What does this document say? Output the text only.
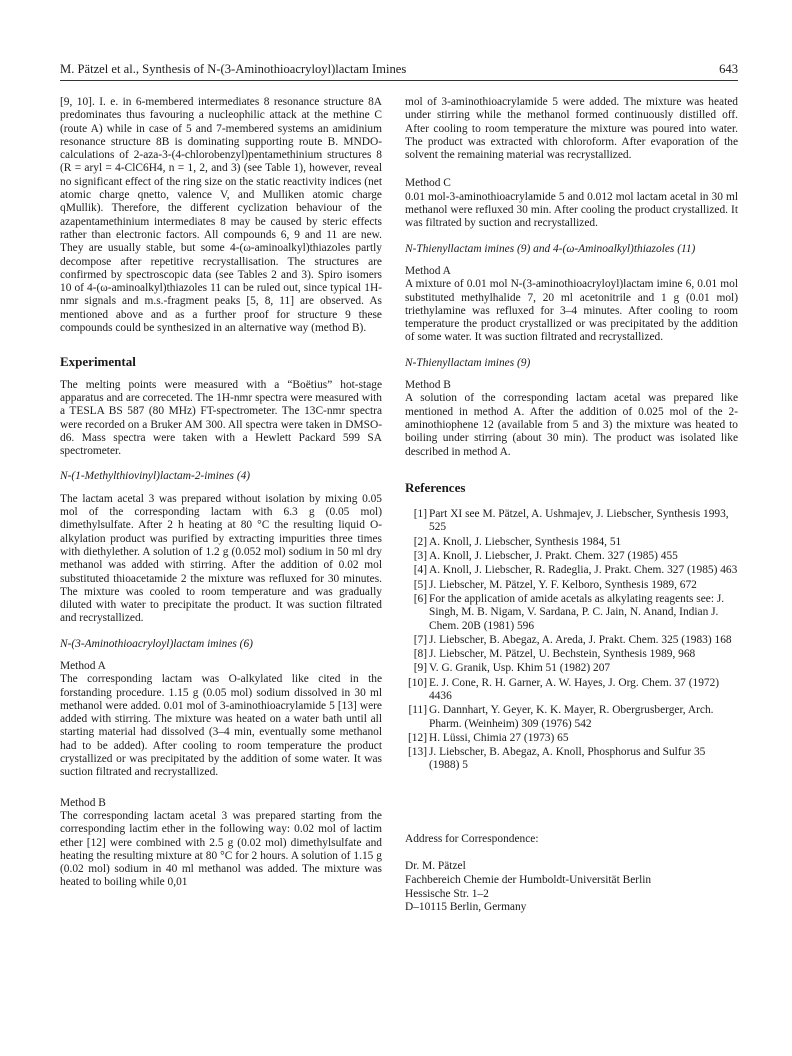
M. Pätzel et al., Synthesis of N-(3-Aminothioacryloyl)lactam Imines	643

[9, 10]. I. e. in 6-membered intermediates 8 resonance structure 8A predominates thus favouring a nucleophilic attack at the methine C (route A) while in case of 5 and 7-membered systems an amidinium resonance structure 8B is dominating supporting route B. MNDO-calculations of 2-aza-3-(4-chlorobenzyl)pentamethinium structures 8 (R = aryl = 4-ClC6H4, n = 1, 2, and 3) (see Table 1), however, reveal no significant effect of the ring size on the static reactivity indices (net atomic charge qnetto, valence V, and Mulliken atomic charge qMullik). Therefore, the different cyclization behaviour of the azapentamethinium intermediates 8 may be caused by steric effects rather than electronic factors. All compounds 6, 9 and 11 are new. They are usually stable, but some 4-(ω-aminoalkyl)thiazoles partly decompose after repetitive recrystallisation. The structures are confirmed by spectroscopic data (see Tables 2 and 3). Spiro isomers 10 of 4-(ω-aminoalkyl)thiazoles 11 can be ruled out, since typical 1H-nmr signals and m.s.-fragment peaks [5, 8, 11] are observed. As mentioned above and as a further proof for structure 9 these compounds could be synthesized in an alternative way (method B).

Experimental

The melting points were measured with a “Boëtius” hot-stage apparatus and are correceted. The 1H-nmr spectra were measured with a TESLA BS 587 (80 MHz) FT-spectrometer. The 13C-nmr spectra were recorded on a Bruker AM 300. All spectra were taken in DMSO-d6. Mass spectra were taken with a Hewlett Packard 599 SA spectrometer.

N-(1-Methylthiovinyl)lactam-2-imines (4)

The lactam acetal 3 was prepared without isolation by mixing 0.05 mol of the corresponding lactam with 6.3 g (0.05 mol) dimethylsulfate. After 2 h heating at 80 °C the resulting liquid O-alkylation product was purified by extracting impurities three times with diethylether. A solution of 1.2 g (0.052 mol) sodium in 50 ml dry methanol was added with stirring. After the addition of 0.02 mol substituted thioacetamide 2 the mixture was refluxed for 30 minutes. The mixture was cooled to room temperature and was gradually diluted with water to precipitate the product. It was suction filtrated and recrystallized.

N-(3-Aminothioacryloyl)lactam imines (6)
Method A

The corresponding lactam was O-alkylated like cited in the forstanding procedure. 1.15 g (0.05 mol) sodium dissolved in 30 ml methanol were added. 0.01 mol of 3-aminothioacrylamide 5 [13] were added with stirring. The mixture was heated on a water bath until all starting material had dissolved (3–4 min, eventually some methanol had to be added). After cooling to room temperature the product crystallized or was precipitated by the addition of some water. It was suction filtrated and recrystallized.

Method B

The corresponding lactam acetal 3 was prepared starting from the corresponding lactim ether in the following way: 0.02 mol of lactim ether [12] were combined with 2.5 g (0.02 mol) dimethylsulfate and heating the resulting mixture at 80 °C for 2 hours. A solution of 1.15 g (0.02 mol) sodium in 40 ml methanol was added. The mixture was heated to boiling while 0,01

mol of 3-aminothioacrylamide 5 were added. The mixture was heated under stirring while the methanol formed continuously distilled off. After cooling to room temperature the mixture was poured into water. The product was extracted with chloroform. After evaporation of the solvent the remaining material was recrystallized.

Method C

0.01 mol-3-aminothioacrylamide 5 and 0.012 mol lactam acetal in 30 ml methanol were refluxed 30 min. After cooling the product crystallized. It was filtrated by suction and recrystallized.

N-Thienyllactam imines (9) and 4-(ω-Aminoalkyl)thiazoles (11)
Method A

A mixture of 0.01 mol N-(3-aminothioacryloyl)lactam imine 6, 0.01 mol substituted methylhalide 7, 20 ml acetonitrile and 1 g (0.01 mol) triethylamine was refluxed for 3–4 minutes. After cooling to room temperature the product crystallized or was precipitated by the addition of some water. It was suction filtrated and recrystallized.

N-Thienyllactam imines (9)
Method B

A solution of the corresponding lactam acetal was prepared like mentioned in method A. After the addition of 0.025 mol of the 2-aminothiophene 12 (available from 5 and 3) the mixture was heated to boiling under stirring (about 30 min). The product was isolated like described in method A.

References
[1] Part XI see M. Pätzel, A. Ushmajev, J. Liebscher, Synthesis 1993, 525
[2] A. Knoll, J. Liebscher, Synthesis 1984, 51
[3] A. Knoll, J. Liebscher, J. Prakt. Chem. 327 (1985) 455
[4] A. Knoll, J. Liebscher, R. Radeglia, J. Prakt. Chem. 327 (1985) 463
[5] J. Liebscher, M. Pätzel, Y. F. Kelboro, Synthesis 1989, 672
[6] For the application of amide acetals as alkylating reagents see: J. Singh, M. B. Nigam, V. Sardana, P. C. Jain, N. Anand, Indian J. Chem. 20B (1981) 596
[7] J. Liebscher, B. Abegaz, A. Areda, J. Prakt. Chem. 325 (1983) 168
[8] J. Liebscher, M. Pätzel, U. Bechstein, Synthesis 1989, 968
[9] V. G. Granik, Usp. Khim 51 (1982) 207
[10] E. J. Cone, R. H. Garner, A. W. Hayes, J. Org. Chem. 37 (1972) 4436
[11] G. Dannhart, Y. Geyer, K. K. Mayer, R. Obergrusberger, Arch. Pharm. (Weinheim) 309 (1976) 542
[12] H. Lüssi, Chimia 27 (1973) 65
[13] J. Liebscher, B. Abegaz, A. Knoll, Phosphorus and Sulfur 35 (1988) 5
Address for Correspondence:
Dr. M. Pätzel
Fachbereich Chemie der Humboldt-Universität Berlin
Hessische Str. 1–2
D–10115 Berlin, Germany
